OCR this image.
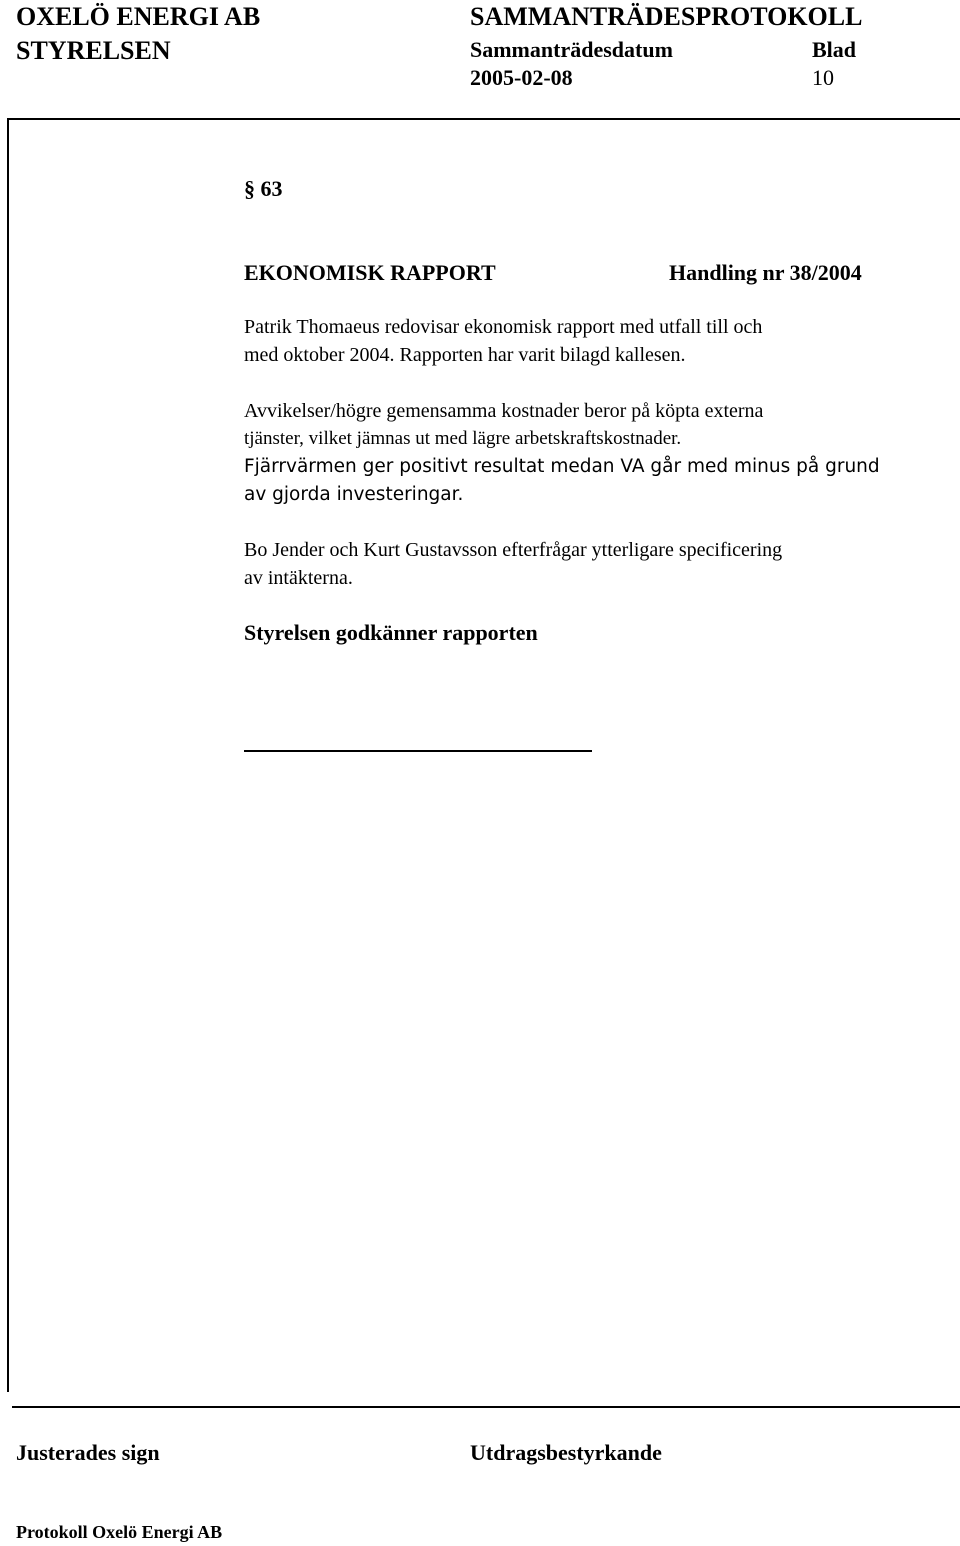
OXELÖ ENERGI AB
STYRELSEN
SAMMANTRÄDESPROTOKOLL
Sammanträdesdatum	Blad
2005-02-08	10
§ 63
EKONOMISK RAPPORT	Handling nr 38/2004
Patrik Thomaeus redovisar ekonomisk rapport med utfall till och
med oktober 2004. Rapporten har varit bilagd kallesen.
Avvikelser/högre gemensamma kostnader beror på köpta externa
tjänster, vilket jämnas ut med lägre arbetskraftskostnader.
Fjärrvärmen ger positivt resultat medan VA går med minus på grund
av gjorda investeringar.
Bo Jender och Kurt Gustavsson efterfrågar ytterligare specificering
av intäkterna.
Styrelsen godkänner rapporten
Justerades sign	Utdragsbestyrkande
Protokoll Oxelö Energi AB
